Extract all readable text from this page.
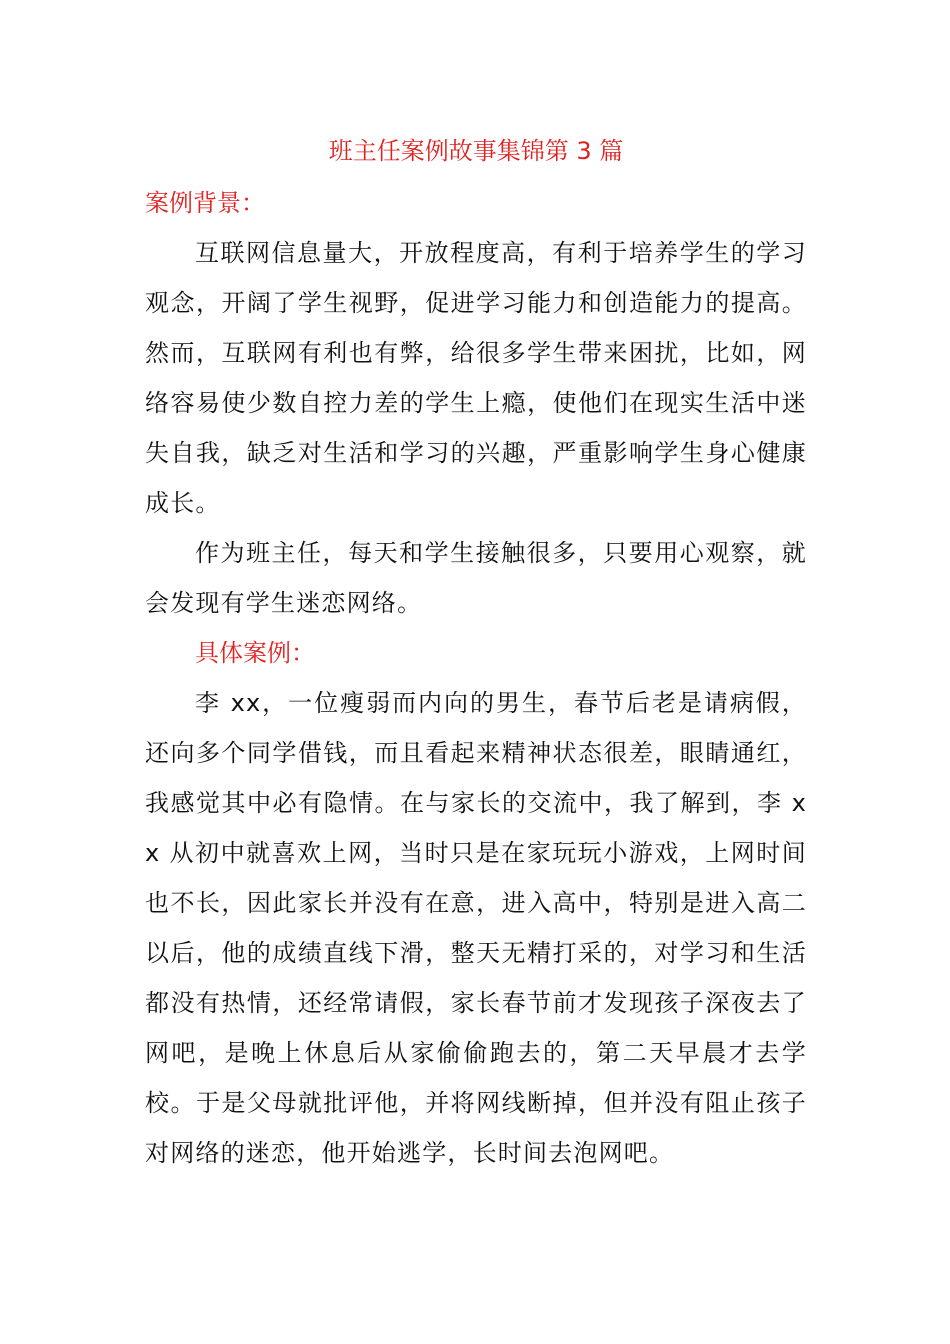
班主任案例故事集锦第 3 篇
案例背景：

互联网信息量大，开放程度高，有利于培养学生的学习观念，开阔了学生视野，促进学习能力和创造能力的提高。然而，互联网有利也有弊，给很多学生带来困扰，比如，网络容易使少数自控力差的学生上瘾，使他们在现实生活中迷失自我，缺乏对生活和学习的兴趣，严重影响学生身心健康成长。

作为班主任，每天和学生接触很多，只要用心观察，就会发现有学生迷恋网络。

具体案例：

李 xx，一位瘦弱而内向的男生，春节后老是请病假，还向多个同学借钱，而且看起来精神状态很差，眼睛通红，我感觉其中必有隐情。在与家长的交流中，我了解到，李 xx 从初中就喜欢上网，当时只是在家玩玩小游戏，上网时间也不长，因此家长并没有在意，进入高中，特别是进入高二以后，他的成绩直线下滑，整天无精打采的，对学习和生活都没有热情，还经常请假，家长春节前才发现孩子深夜去了网吧，是晚上休息后从家偷偷跑去的，第二天早晨才去学校。于是父母就批评他，并将网线断掉，但并没有阻止孩子对网络的迷恋，他开始逃学，长时间去泡网吧。
